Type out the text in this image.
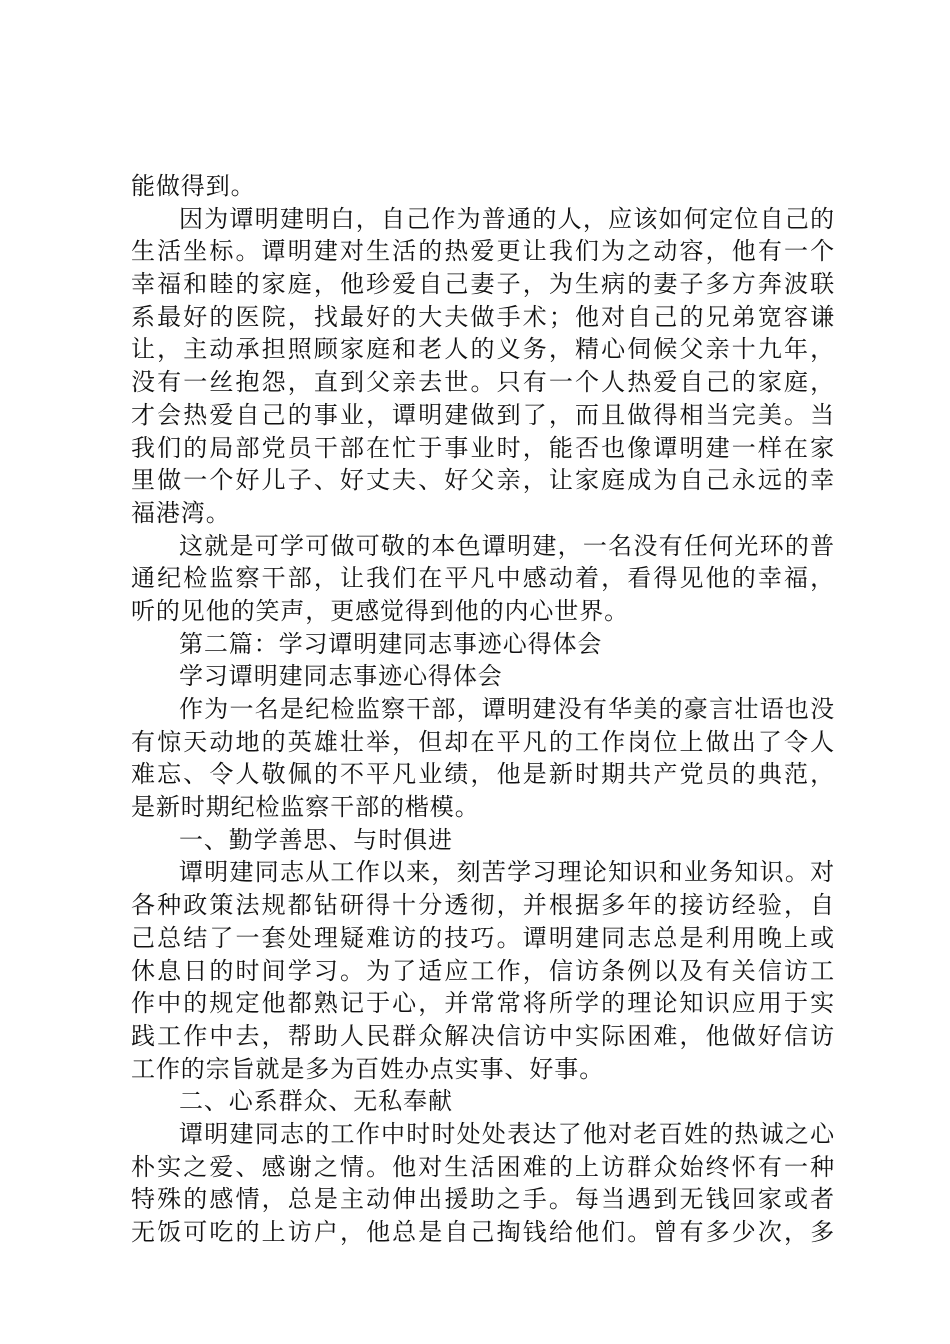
能做得到。
因为谭明建明白，自己作为普通的人，应该如何定位自己的
生活坐标。谭明建对生活的热爱更让我们为之动容，他有一个
幸福和睦的家庭，他珍爱自己妻子，为生病的妻子多方奔波联
系最好的医院，找最好的大夫做手术；他对自己的兄弟宽容谦
让，主动承担照顾家庭和老人的义务，精心伺候父亲十九年，
没有一丝抱怨，直到父亲去世。只有一个人热爱自己的家庭，
才会热爱自己的事业，谭明建做到了，而且做得相当完美。当
我们的局部党员干部在忙于事业时，能否也像谭明建一样在家
里做一个好儿子、好丈夫、好父亲，让家庭成为自己永远的幸
福港湾。
这就是可学可做可敬的本色谭明建，一名没有任何光环的普
通纪检监察干部，让我们在平凡中感动着，看得见他的幸福，
听的见他的笑声，更感觉得到他的内心世界。
第二篇：学习谭明建同志事迹心得体会
学习谭明建同志事迹心得体会
作为一名是纪检监察干部，谭明建没有华美的豪言壮语也没
有惊天动地的英雄壮举，但却在平凡的工作岗位上做出了令人
难忘、令人敬佩的不平凡业绩，他是新时期共产党员的典范，
是新时期纪检监察干部的楷模。
一、勤学善思、与时俱进
谭明建同志从工作以来，刻苦学习理论知识和业务知识。对
各种政策法规都钻研得十分透彻，并根据多年的接访经验，自
己总结了一套处理疑难访的技巧。谭明建同志总是利用晚上或
休息日的时间学习。为了适应工作，信访条例以及有关信访工
作中的规定他都熟记于心，并常常将所学的理论知识应用于实
践工作中去，帮助人民群众解决信访中实际困难，他做好信访
工作的宗旨就是多为百姓办点实事、好事。
二、心系群众、无私奉献
谭明建同志的工作中时时处处表达了他对老百姓的热诚之心
朴实之爱、感谢之情。他对生活困难的上访群众始终怀有一种
特殊的感情，总是主动伸出援助之手。每当遇到无钱回家或者
无饭可吃的上访户，他总是自己掏钱给他们。曾有多少次，多
